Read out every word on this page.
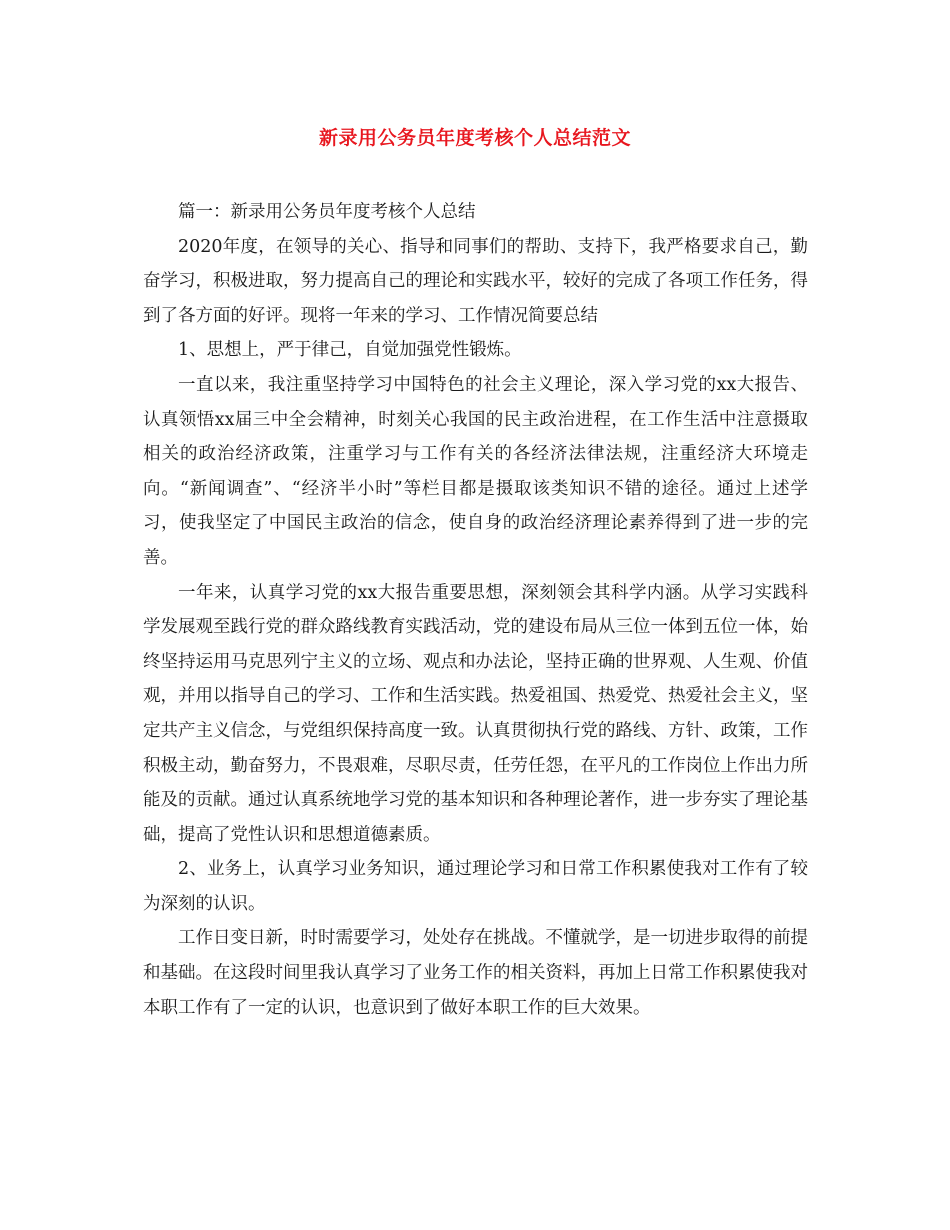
新录用公务员年度考核个人总结范文

篇一：新录用公务员年度考核个人总结

2020年度，在领导的关心、指导和同事们的帮助、支持下，我严格要求自己，勤奋学习，积极进取，努力提高自己的理论和实践水平，较好的完成了各项工作任务，得到了各方面的好评。现将一年来的学习、工作情况简要总结

1、思想上，严于律己，自觉加强党性锻炼。

一直以来，我注重坚持学习中国特色的社会主义理论，深入学习党的xx大报告、认真领悟xx届三中全会精神，时刻关心我国的民主政治进程，在工作生活中注意摄取相关的政治经济政策，注重学习与工作有关的各经济法律法规，注重经济大环境走向。“新闻调查”、“经济半小时”等栏目都是摄取该类知识不错的途径。通过上述学习，使我坚定了中国民主政治的信念，使自身的政治经济理论素养得到了进一步的完善。

一年来，认真学习党的xx大报告重要思想，深刻领会其科学内涵。从学习实践科学发展观至践行党的群众路线教育实践活动，党的建设布局从三位一体到五位一体，始终坚持运用马克思列宁主义的立场、观点和办法论，坚持正确的世界观、人生观、价值观，并用以指导自己的学习、工作和生活实践。热爱祖国、热爱党、热爱社会主义，坚定共产主义信念，与党组织保持高度一致。认真贯彻执行党的路线、方针、政策，工作积极主动，勤奋努力，不畏艰难，尽职尽责，任劳任怨，在平凡的工作岗位上作出力所能及的贡献。通过认真系统地学习党的基本知识和各种理论著作，进一步夯实了理论基础，提高了党性认识和思想道德素质。

2、业务上，认真学习业务知识，通过理论学习和日常工作积累使我对工作有了较为深刻的认识。

工作日变日新，时时需要学习，处处存在挑战。不懂就学，是一切进步取得的前提和基础。在这段时间里我认真学习了业务工作的相关资料，再加上日常工作积累使我对本职工作有了一定的认识，也意识到了做好本职工作的巨大效果。
